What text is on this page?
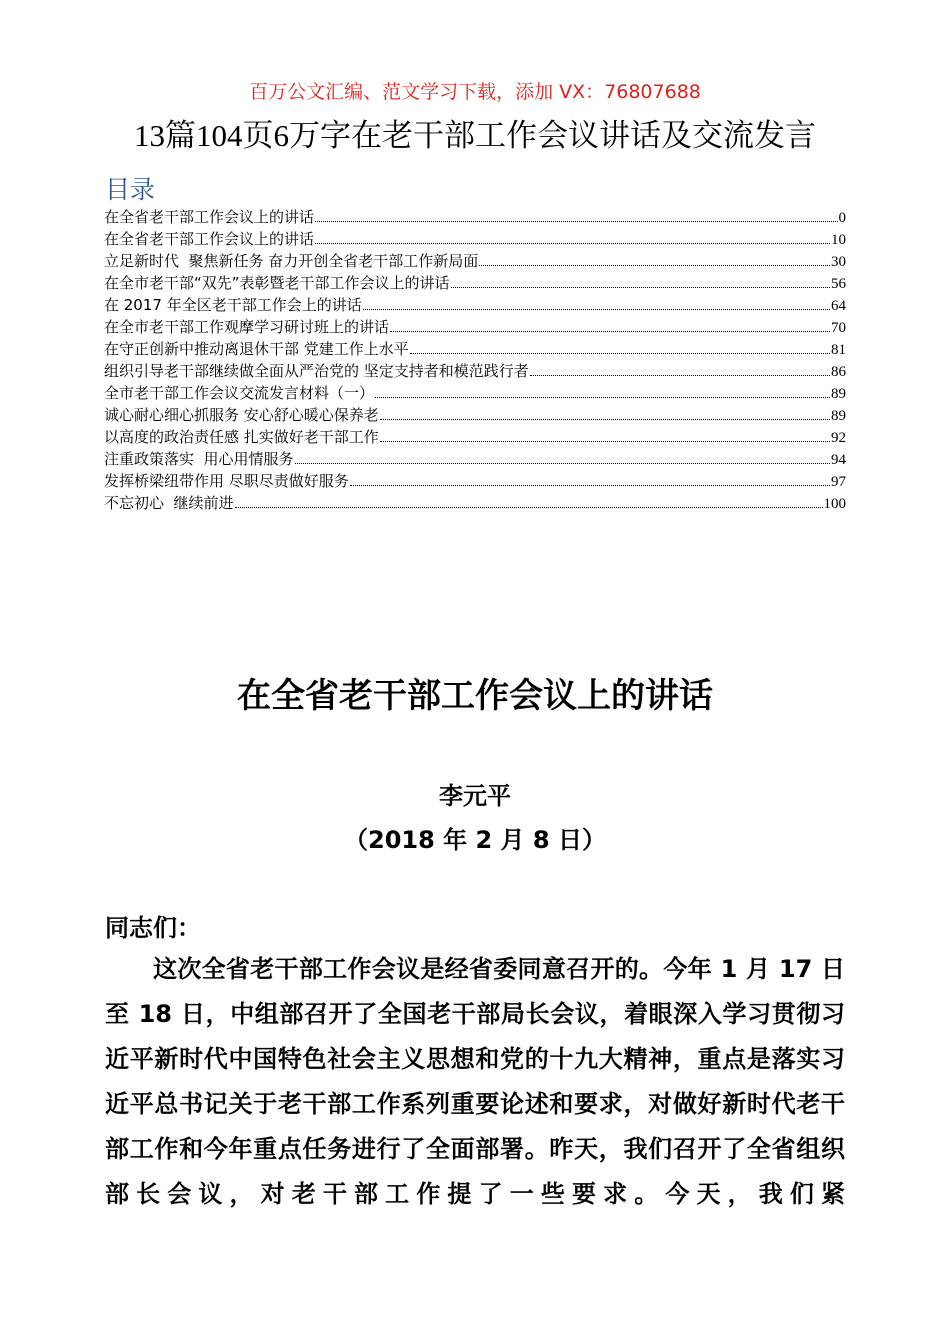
百万公文汇编、范文学习下载，添加 VX：76807688
13篇104页6万字在老干部工作会议讲话及交流发言
目录
在全省老干部工作会议上的讲话	0
在全省老干部工作会议上的讲话	10
立足新时代  聚焦新任务 奋力开创全省老干部工作新局面	30
在全市老干部“双先”表彰暨老干部工作会议上的讲话	56
在 2017 年全区老干部工作会上的讲话	64
在全市老干部工作观摩学习研讨班上的讲话	70
在守正创新中推动离退休干部 党建工作上水平	81
组织引导老干部继续做全面从严治党的 坚定支持者和模范践行者	86
全市老干部工作会议交流发言材料（一）	89
诚心耐心细心抓服务 安心舒心暖心保养老	89
以高度的政治责任感 扎实做好老干部工作	92
注重政策落实  用心用情服务	94
发挥桥梁纽带作用 尽职尽责做好服务	97
不忘初心  继续前进	100
在全省老干部工作会议上的讲话
李元平
（2018 年 2 月 8 日）
同志们：
这次全省老干部工作会议是经省委同意召开的。今年 1 月 17 日至 18 日，中组部召开了全国老干部局长会议，着眼深入学习贯彻习近平新时代中国特色社会主义思想和党的十九大精神，重点是落实习近平总书记关于老干部工作系列重要论述和要求，对做好新时代老干部工作和今年重点任务进行了全面部署。昨天，我们召开了全省组织部长会议，对老干部工作提了一些要求。今天，我们紧
